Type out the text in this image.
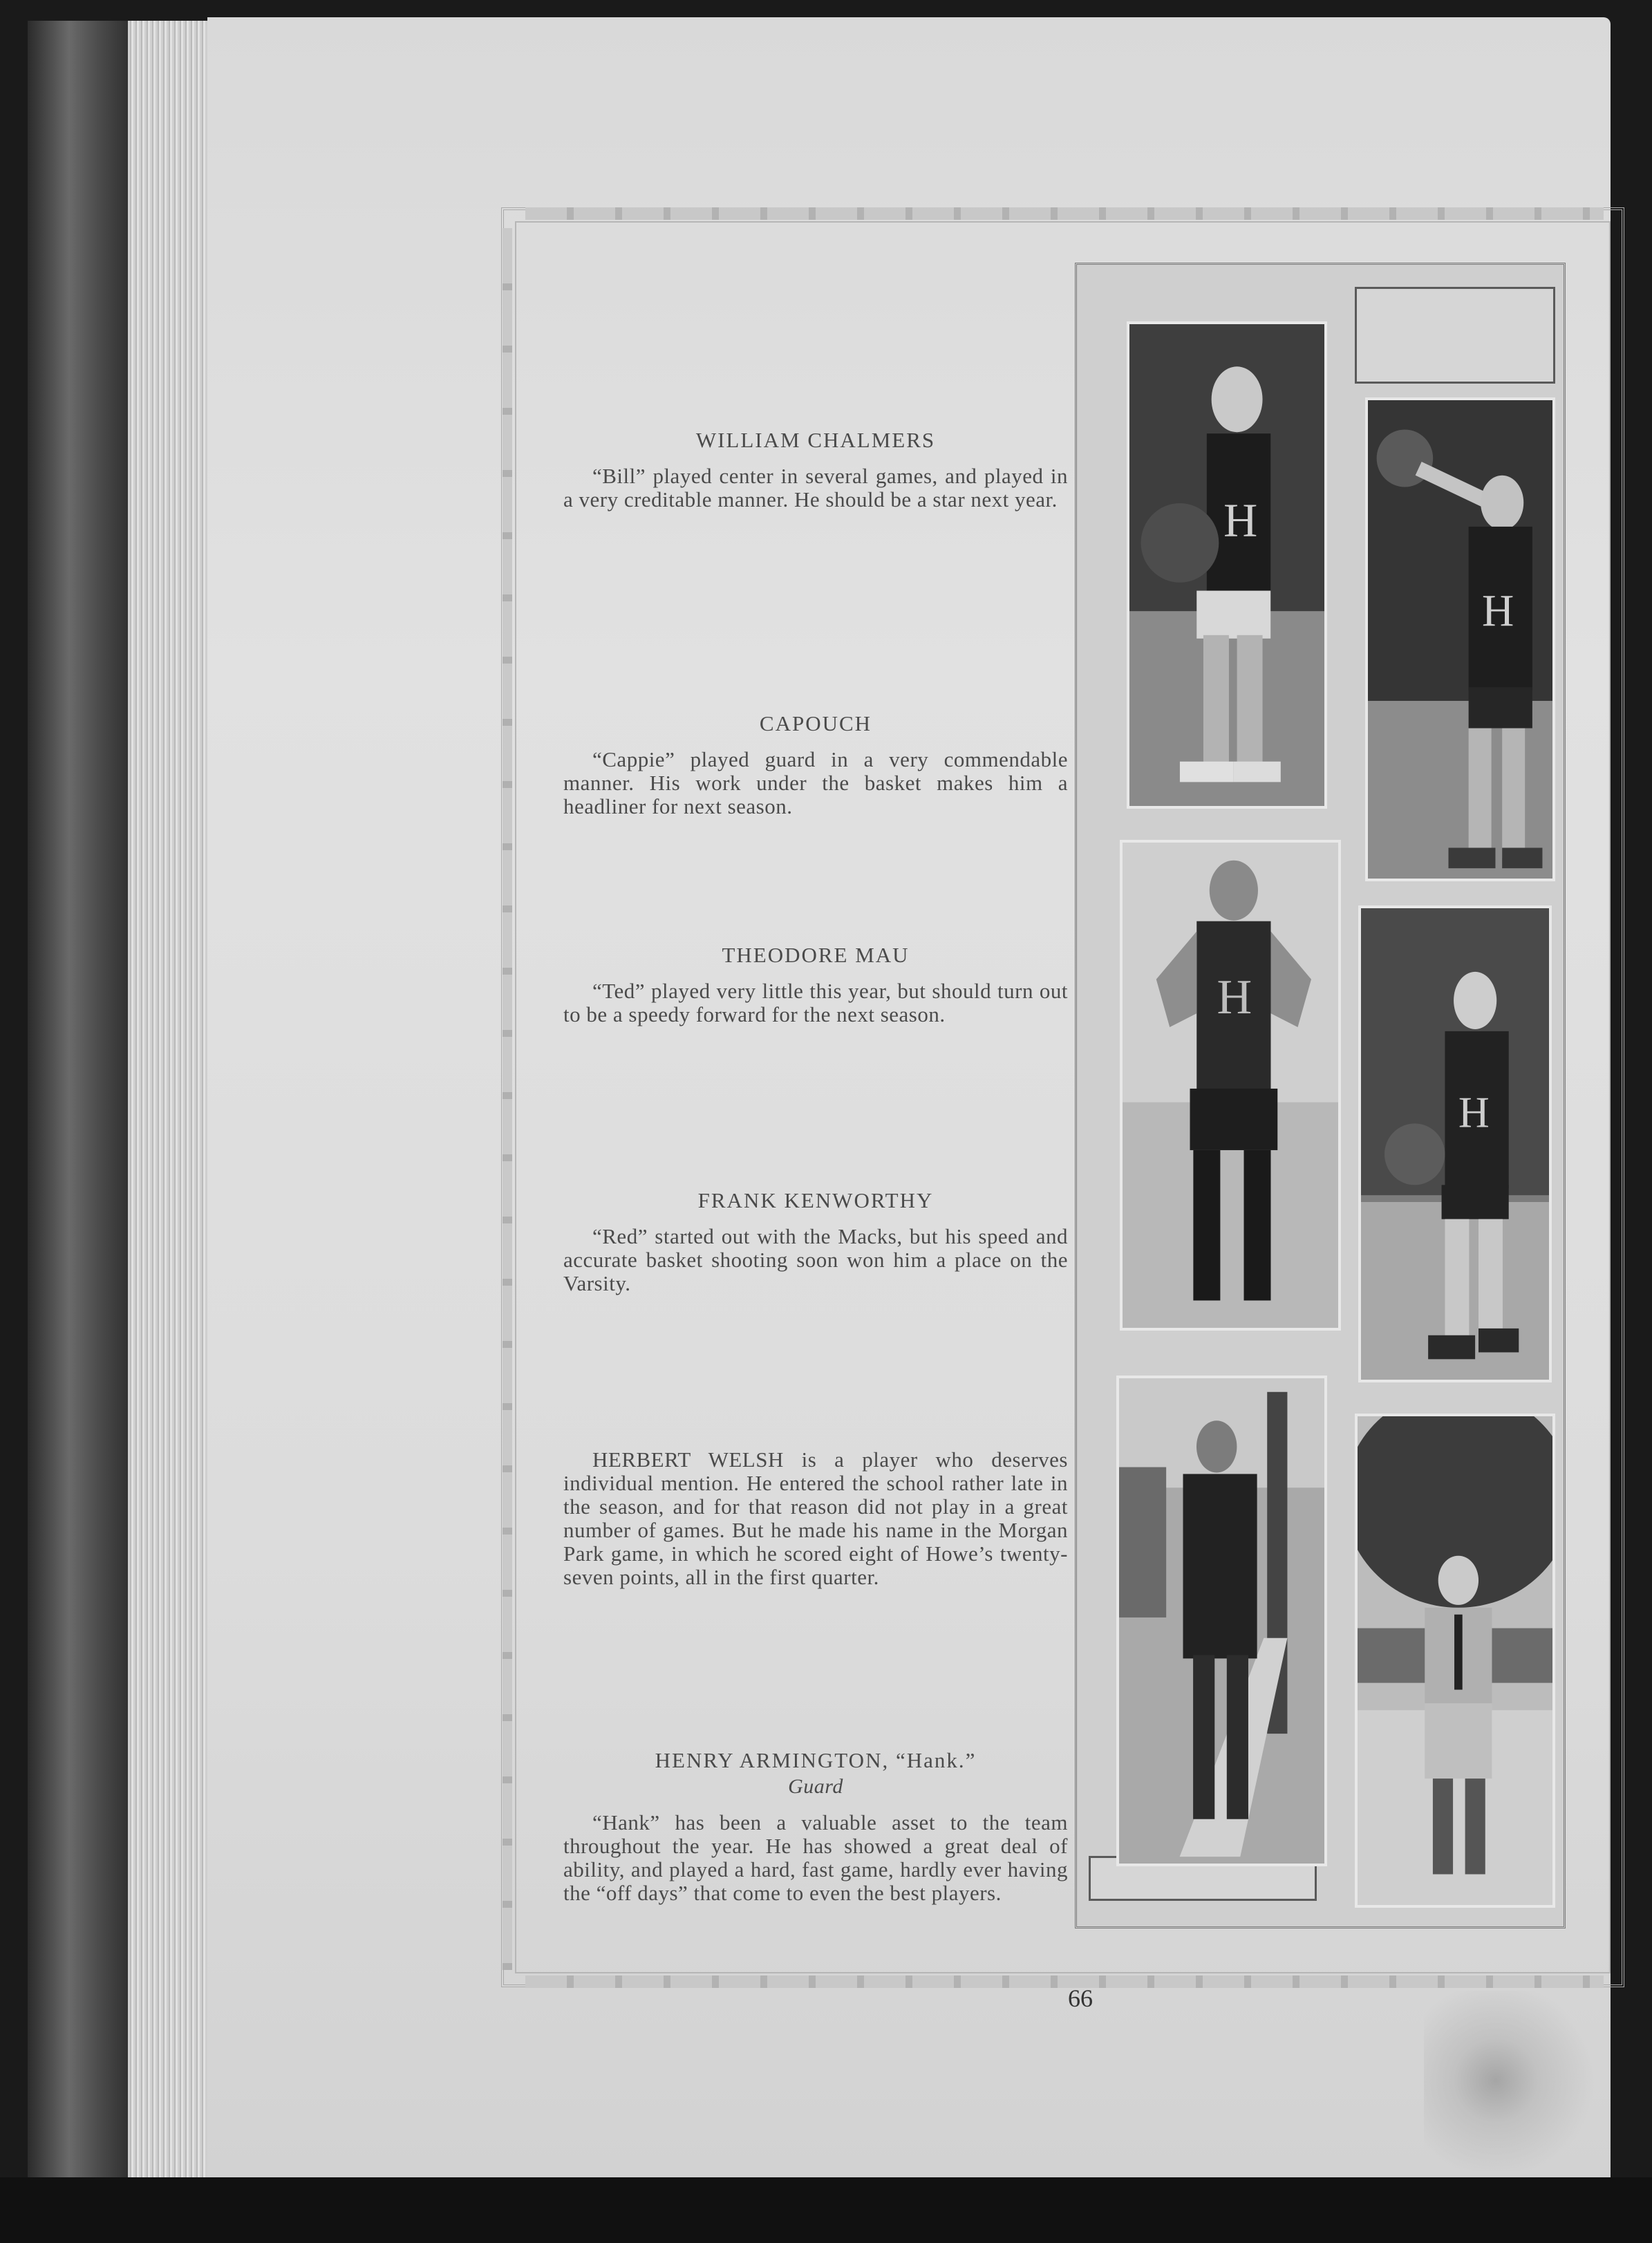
WILLIAM CHALMERS

“Bill” played center in several games, and played in a very creditable manner. He should be a star next year.

CAPOUCH

“Cappie” played guard in a very commendable manner. His work under the basket makes him a headliner for next season.

THEODORE MAU

“Ted” played very little this year, but should turn out to be a speedy forward for the next season.

FRANK KENWORTHY

“Red” started out with the Macks, but his speed and accurate basket shooting soon won him a place on the Varsity.

HERBERT WELSH is a player who deserves individual mention. He entered the school rather late in the season, and for that reason did not play in a great number of games. But he made his name in the Morgan Park game, in which he scored eight of Howe’s twenty-seven points, all in the first quarter.

HENRY ARMINGTON, “Hank.”
Guard

“Hank” has been a valuable asset to the team throughout the year. He has showed a great deal of ability, and played a hard, fast game, hardly ever having the “off days” that come to even the best players.

H
H
H
H
66
